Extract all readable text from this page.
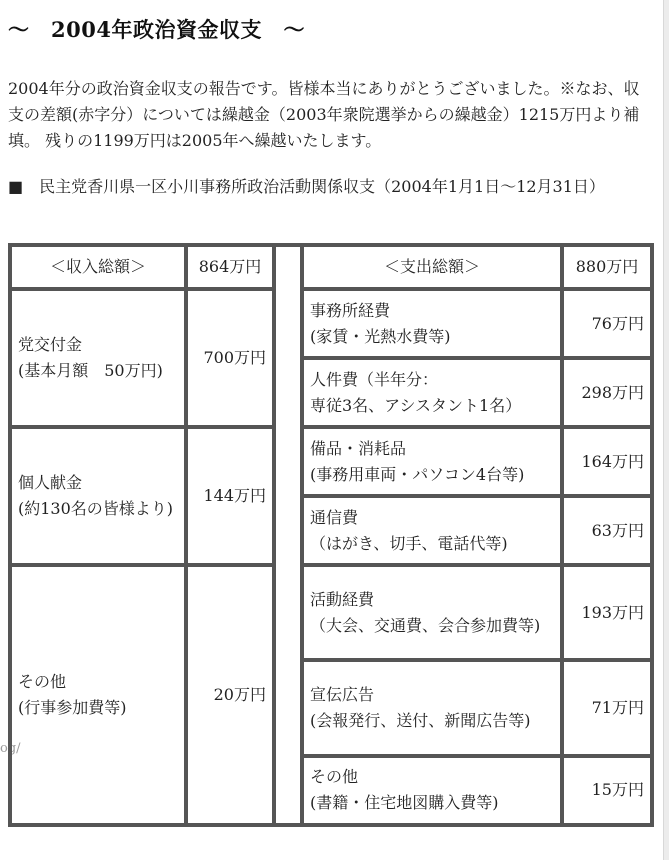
～　2004年政治資金収支　～

2004年分の政治資金収支の報告です。皆様本当にありがとうございました。※なお、収支の差額(赤字分）については繰越金（2003年衆院選挙からの繰越金）1215万円より補填。 残りの1199万円は2005年へ繰越いたします。

■　民主党香川県一区小川事務所政治活動関係収支（2004年1月1日～12月31日）

og/
＜収入総額＞	864万円		＜支出総額＞	880万円

党交付金
(基本月額　50万円)	700万円		事務所経費
(家賃・光熱水費等)	76万円

			人件費（半年分：
専従3名、アシスタント1名）	298万円

個人献金
(約130名の皆様より)	144万円		備品・消耗品
(事務用車両・パソコン4台等)	164万円

			通信費
（はがき、切手、電話代等)	63万円

その他
(行事参加費等)	20万円		活動経費
（大会、交通費、会合参加費等)	193万円

			宣伝広告
(会報発行、送付、新聞広告等)	71万円

			その他
(書籍・住宅地図購入費等)	15万円
